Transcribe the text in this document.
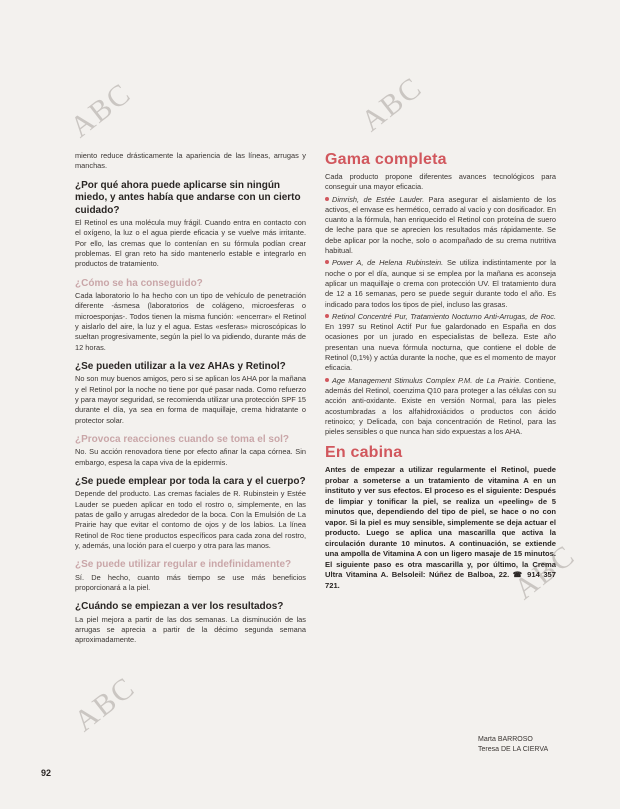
ABC	ABC
ABC
ABC

miento reduce drásticamente la apariencia de las líneas, arrugas y manchas.

¿Por qué ahora puede aplicarse sin ningún miedo, y antes había que andarse con un cierto cuidado?

El Retinol es una molécula muy frágil. Cuando entra en contacto con el oxígeno, la luz o el agua pierde eficacia y se vuelve más irritante. Por ello, las cremas que lo contenían en su fórmula podían crear problemas. El gran reto ha sido mantenerlo estable e integrarlo en productos de tratamiento.

¿Cómo se ha conseguido?

Cada laboratorio lo ha hecho con un tipo de vehículo de penetración diferente -ásmesa (laboratorios de colágeno, microesferas o microesponjas-. Todos tienen la misma función: «encerrar» el Retinol y aislarlo del aire, la luz y el agua. Estas «esferas» microscópicas lo sueltan progresivamente, según la piel lo va pidiendo, durante más de 12 horas.

¿Se pueden utilizar a la vez AHAs y Retinol?

No son muy buenos amigos, pero si se aplican los AHA por la mañana y el Retinol por la noche no tiene por qué pasar nada. Como refuerzo y para mayor seguridad, se recomienda utilizar una protección SPF 15 durante el día, ya sea en forma de maquillaje, crema hidratante o protector solar.

¿Provoca reacciones cuando se toma el sol?

No. Su acción renovadora tiene por efecto afinar la capa córnea. Sin embargo, espesa la capa viva de la epidermis.

¿Se puede emplear por toda la cara y el cuerpo?

Depende del producto. Las cremas faciales de R. Rubinstein y Estée Lauder se pueden aplicar en todo el rostro o, simplemente, en las patas de gallo y arrugas alrededor de la boca. Con la Emulsión de La Prairie hay que evitar el contorno de ojos y de los labios. La línea Retinol de Roc tiene productos específicos para cada zona del rostro, y, además, una loción para el cuerpo y otra para las manos.

¿Se puede utilizar regular e indefinidamente?

Sí. De hecho, cuanto más tiempo se use más beneficios proporcionará a la piel.

¿Cuándo se empiezan a ver los resultados?

La piel mejora a partir de las dos semanas. La disminución de las arrugas se aprecia a partir de la décimo segunda semana aproximadamente.

Gama completa

Cada producto propone diferentes avances tecnológicos para conseguir una mayor eficacia.

Dimrish, de Estée Lauder. Para asegurar el aislamiento de los activos, el envase es hermético, cerrado al vacío y con dosificador. En cuanto a la fórmula, han enriquecido el Retinol con proteína de suero de leche para que se aprecien los resultados más rápidamente. Se debe aplicar por la noche, solo o acompañado de su crema nutritiva habitual.

Power A, de Helena Rubinstein. Se utiliza indistintamente por la noche o por el día, aunque si se emplea por la mañana es aconseja aplicar un maquillaje o crema con protección UV. El tratamiento dura de 12 a 16 semanas, pero se puede seguir durante todo el año. Es indicado para todos los tipos de piel, incluso las grasas.

Retinol Concentré Pur, Tratamiento Nocturno Anti-Arrugas, de Roc. En 1997 su Retinol Actif Pur fue galardonado en España en dos ocasiones por un jurado en especialistas de belleza. Este año presentan una nueva fórmula nocturna, que contiene el doble de Retinol (0,1%) y actúa durante la noche, que es el momento de mayor eficacia.

Age Management Stimulus Complex P.M. de La Prairie. Contiene, además del Retinol, coenzima Q10 para proteger a las células con su acción anti-oxidante. Existe en versión Normal, para las pieles acostumbradas a los alfahidroxiácidos o productos con ácido retinoico; y Delicada, con baja concentración de Retinol, para las pieles sensibles o que nunca han sido expuestas a los AHA.

En cabina

Antes de empezar a utilizar regularmente el Retinol, puede probar a someterse a un tratamiento de vitamina A en un instituto y ver sus efectos. El proceso es el siguiente: Después de limpiar y tonificar la piel, se realiza un «peeling» de 5 minutos que, dependiendo del tipo de piel, se hace o no con vapor. Si la piel es muy sensible, simplemente se deja actuar el producto. Luego se aplica una mascarilla que activa la circulación durante 10 minutos. A continuación, se extiende una ampolla de Vitamina A con un ligero masaje de 15 minutos. El siguiente paso es otra mascarilla y, por último, la Crema Ultra Vitamina A. Belsoleil: Núñez de Balboa, 22. ☎ 914 357 721.

Marta BARROSO
Teresa DE LA CIERVA
92
